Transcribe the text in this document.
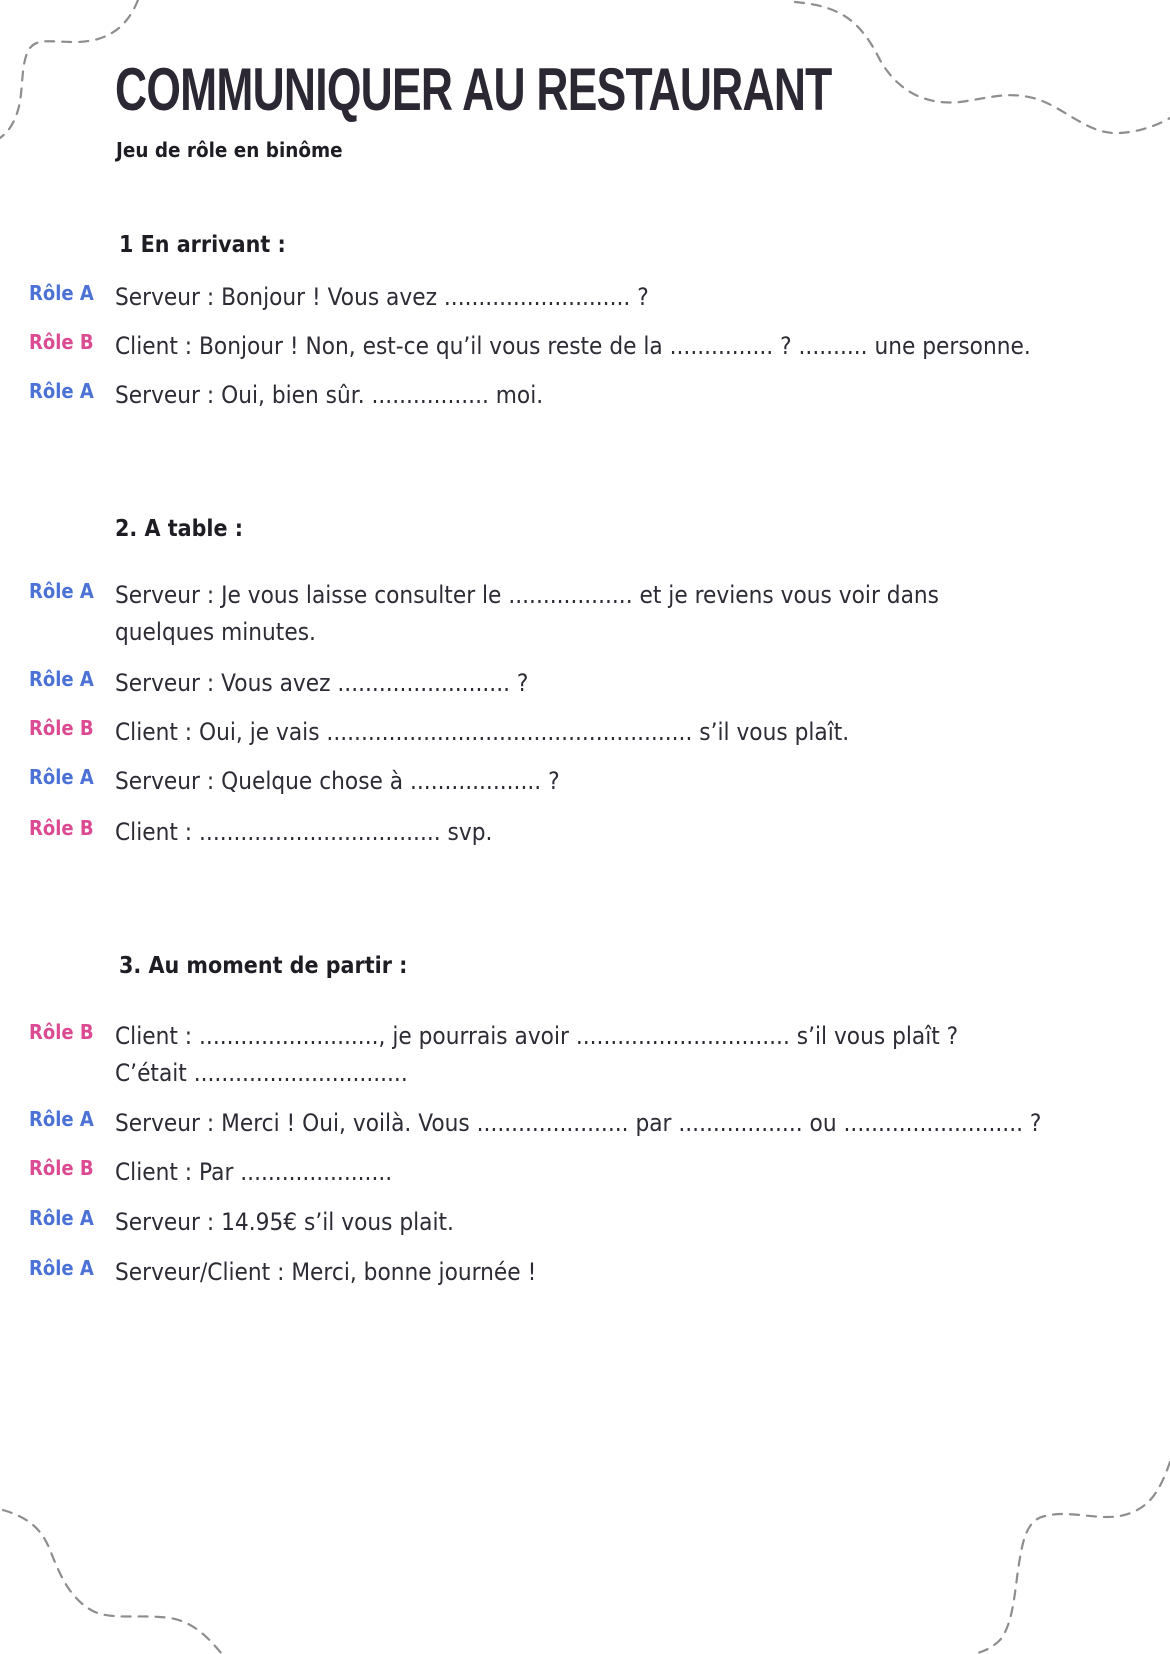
COMMUNIQUER AU RESTAURANT
Jeu de rôle en binôme
1 En arrivant :
Rôle A Serveur : Bonjour ! Vous avez ........................... ?
Rôle B Client : Bonjour ! Non, est-ce qu’il vous reste de la ............... ? .......... une personne.
Rôle A Serveur : Oui, bien sûr. ................. moi.
2. A table :
Rôle A Serveur : Je vous laisse consulter le .................. et je reviens vous voir dans
quelques minutes.
Rôle A Serveur : Vous avez ......................... ?
Rôle B Client : Oui, je vais ..................................................... s’il vous plaît.
Rôle A Serveur : Quelque chose à ................... ?
Rôle B Client : ................................... svp.
3. Au moment de partir :
Rôle B Client : .........................., je pourrais avoir ............................... s’il vous plaît ?
C’était ...............................
Rôle A Serveur : Merci ! Oui, voilà. Vous ...................... par .................. ou .......................... ?
Rôle B Client : Par ......................
Rôle A Serveur : 14.95€ s’il vous plait.
Rôle A Serveur/Client : Merci, bonne journée !
